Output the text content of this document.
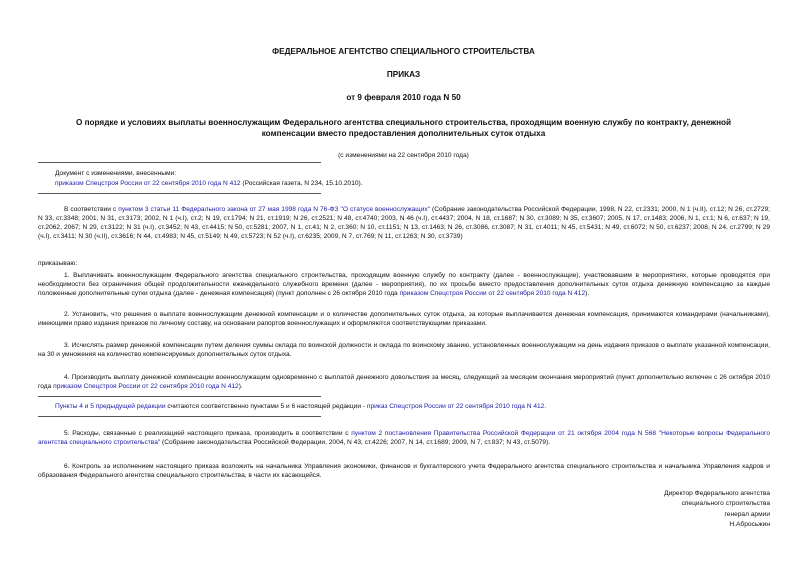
ФЕДЕРАЛЬНОЕ АГЕНТСТВО СПЕЦИАЛЬНОГО СТРОИТЕЛЬСТВА
ПРИКАЗ
от 9 февраля 2010 года N 50
О порядке и условиях выплаты военнослужащим Федерального агентства специального строительства, проходящим военную службу по контракту, денежной компенсации вместо предоставления дополнительных суток отдыха
(с изменениями на 22 сентября 2010 года)
Документ с изменениями, внесенными:
приказом Спецстроя России от 22 сентября 2010 года N 412 (Российская газета, N 234, 15.10.2010).
В соответствии с пунктом 3 статьи 11 Федерального закона от 27 мая 1998 года N 76-ФЗ "О статусе военнослужащих" (Собрание законодательства Российской Федерации, 1998, N 22, ст.2331; 2000, N 1 (ч.II), ст.12; N 26, ст.2729; N 33, ст.3348; 2001, N 31, ст.3173; 2002, N 1 (ч.I), ст.2; N 19, ст.1794; N 21, ст.1919; N 26, ст.2521; N 48, ст.4740; 2003, N 46 (ч.I), ст.4437; 2004, N 18, ст.1687; N 30, ст.3089; N 35, ст.3607; 2005, N 17, ст.1483; 2006, N 1, ст.1; N 6, ст.637; N 19, ст.2062, 2067; N 29, ст.3122; N 31 (ч.I), ст.3452; N 43, ст.4415; N 50, ст.5281; 2007, N 1, ст.41; N 2, ст.360; N 10, ст.1151; N 13, ст.1463; N 26, ст.3086, ст.3087; N 31, ст.4011; N 45, ст.5431; N 49, ст.6072; N 50, ст.6237; 2008, N 24, ст.2799; N 29 (ч.I), ст.3411; N 30 (ч.II), ст.3616; N 44, ст.4983; N 45, ст.5149; N 49, ст.5723; N 52 (ч.I), ст.6235; 2009, N 7, ст.769; N 11, ст.1263; N 30, ст.3739)
приказываю:
1. Выплачивать военнослужащим Федерального агентства специального строительства, проходящим военную службу по контракту (далее - военнослужащие), участвовавшим в мероприятиях, которые проводятся при необходимости без ограничения общей продолжительности еженедельного служебного времени (далее - мероприятия), по их просьбе вместо предоставления дополнительных суток отдыха денежную компенсацию за каждые положенные дополнительные сутки отдыха (далее - денежная компенсация) (пункт дополнен с 26 октября 2010 года приказом Спецстроя России от 22 сентября 2010 года N 412).
2. Установить, что решения о выплате военнослужащим денежной компенсации и о количестве дополнительных суток отдыха, за которые выплачивается денежная компенсация, принимаются командирами (начальниками), имеющими право издания приказов по личному составу, на основании рапортов военнослужащих и оформляются соответствующими приказами.
3. Исчислять размер денежной компенсации путем деления суммы оклада по воинской должности и оклада по воинскому званию, установленных военнослужащим на день издания приказов о выплате указанной компенсации, на 30 и умножения на количество компенсируемых дополнительных суток отдыха.
4. Производить выплату денежной компенсации военнослужащим одновременно с выплатой денежного довольствия за месяц, следующий за месяцем окончания мероприятий (пункт дополнительно включен с 26 октября 2010 года приказом Спецстроя России от 22 сентября 2010 года N 412).
Пункты 4 и 5 предыдущей редакции считаются соответственно пунктами 5 и 6 настоящей редакции - приказ Спецстроя России от 22 сентября 2010 года N 412.
5. Расходы, связанные с реализацией настоящего приказа, производить в соответствии с пунктом 2 постановления Правительства Российской Федерации от 21 октября 2004 года N 568 "Некоторые вопросы Федерального агентства специального строительства" (Собрание законодательства Российской Федерации, 2004, N 43, ст.4226; 2007, N 14, ст.1689; 2009, N 7, ст.837; N 43, ст.5079).
6. Контроль за исполнением настоящего приказа возложить на начальника Управления экономики, финансов и бухгалтерского учета Федерального агентства специального строительства и начальника Управления кадров и образования Федерального агентства специального строительства, в части их касающейся.
Директор Федерального агентства
специального строительства
генерал армии
Н.Абросьжин
